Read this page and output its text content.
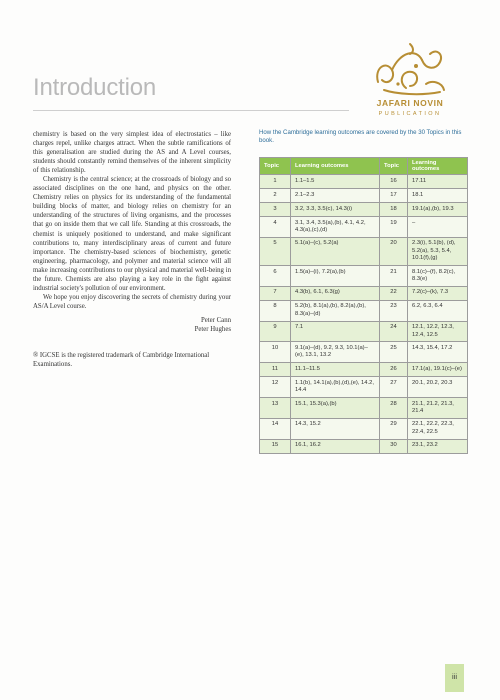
Introduction
JAFARI NOVIN
PUBLICATION

chemistry is based on the very simplest idea of electrostatics – like charges repel, unlike charges attract. When the subtle ramifications of this generalisation are studied during the AS and A Level courses, students should constantly remind themselves of the inherent simplicity of this relationship.

Chemistry is the central science; at the crossroads of biology and so associated disciplines on the one hand, and physics on the other. Chemistry relies on physics for its understanding of the fundamental building blocks of matter, and biology relies on chemistry for an understanding of the structures of living organisms, and the processes that go on inside them that we call life. Standing at this crossroads, the chemist is uniquely positioned to understand, and make significant contributions to, many interdisciplinary areas of current and future importance. The chemistry-based sciences of biochemistry, genetic engineering, pharmacology, and polymer and material science will all make increasing contributions to our physical and material well-being in the future. Chemists are also playing a key role in the fight against industrial society's pollution of our environment.

We hope you enjoy discovering the secrets of chemistry during your AS/A Level course.

Peter Cann
Peter Hughes

® IGCSE is the registered trademark of Cambridge International Examinations.

How the Cambridge learning outcomes are covered by the 30 Topics in this book.
Topic	Learning outcomes	Topic	Learning outcomes
1	1.1–1.5	16	17.11
2	2.1–2.3	17	18.1
3	3.2, 3.3, 3.5(c), 14.3(i)	18	19.1(a),(b), 19.3
4	3.1, 3.4, 3.5(a),(b), 4.1, 4.2, 4.3(a),(c),(d)	19	–
5	5.1(a)–(c), 5.2(a)	20	2.3(i), 5.1(b), (d), 5.2(a), 5.3, 5.4, 10.1(f),(g)
6	1.5(a)–(i), 7.2(a),(b)	21	8.1(c)–(f), 8.2(c), 8.3(e)
7	4.3(b), 6.1, 6.3(g)	22	7.2(c)–(k), 7.3
8	5.2(b), 8.1(a),(b), 8.2(a),(b), 8.3(a)–(d)	23	6.2, 6.3, 6.4
9	7.1	24	12.1, 12.2, 12.3, 12.4, 12.5
10	9.1(a)–(d), 9.2, 9.3, 10.1(a)–(e), 13.1, 13.2	25	14.3, 15.4, 17.2
11	11.1–11.5	26	17.1(a), 19.1(c)–(e)
12	1.1(b), 14.1(a),(b),(d),(e), 14.2, 14.4	27	20.1, 20.2, 20.3
13	15.1, 15.3(a),(b)	28	21.1, 21.2, 21.3, 21.4
14	14.3, 15.2	29	22.1, 22.2, 22.3, 22.4, 22.5
15	16.1, 16.2	30	23.1, 23.2
iii
